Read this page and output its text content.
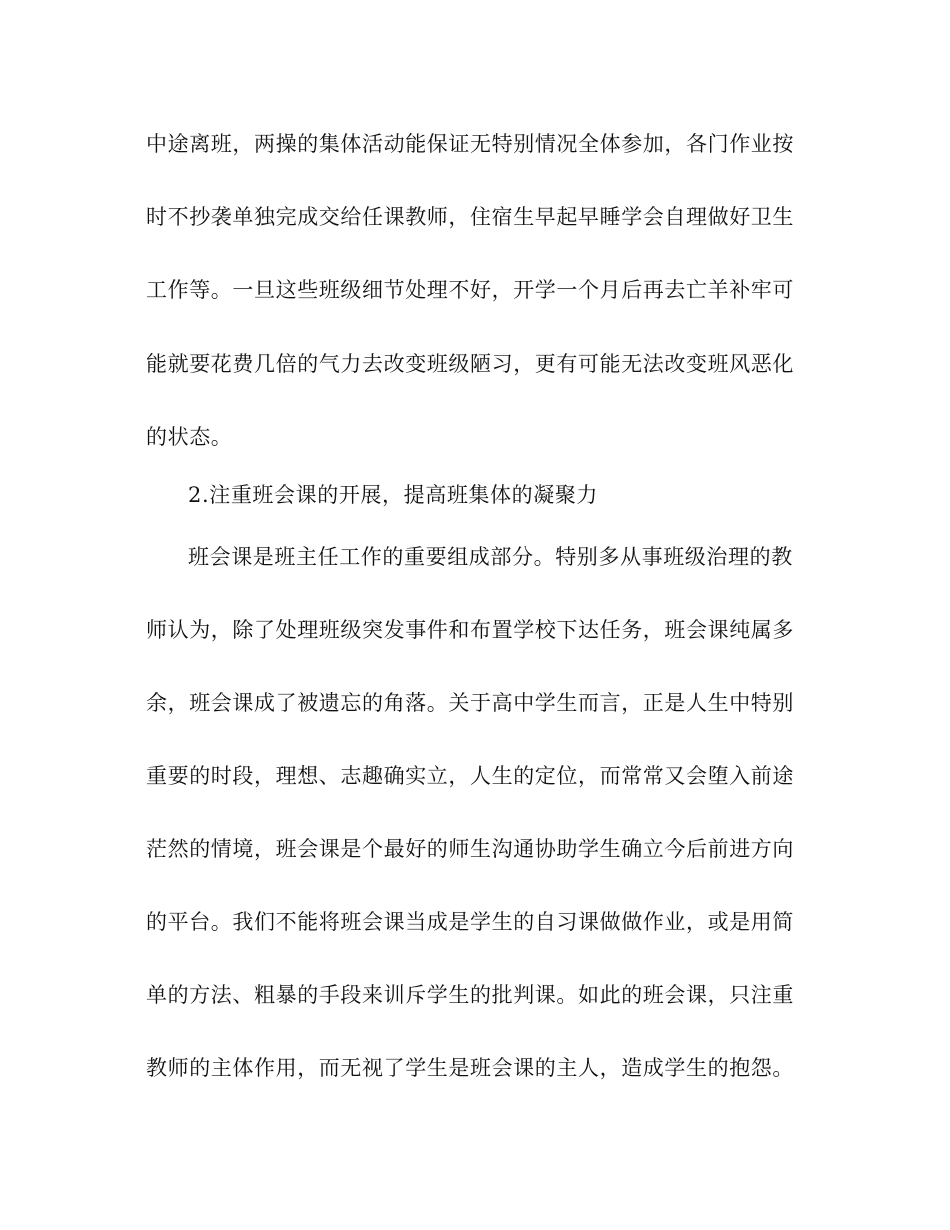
中途离班，两操的集体活动能保证无特别情况全体参加，各门作业按
时不抄袭单独完成交给任课教师，住宿生早起早睡学会自理做好卫生
工作等。一旦这些班级细节处理不好，开学一个月后再去亡羊补牢可
能就要花费几倍的气力去改变班级陋习，更有可能无法改变班风恶化
的状态。
2.注重班会课的开展，提高班集体的凝聚力
班会课是班主任工作的重要组成部分。特别多从事班级治理的教
师认为，除了处理班级突发事件和布置学校下达任务，班会课纯属多
余，班会课成了被遗忘的角落。关于高中学生而言，正是人生中特别
重要的时段，理想、志趣确实立，人生的定位，而常常又会堕入前途
茫然的情境，班会课是个最好的师生沟通协助学生确立今后前进方向
的平台。我们不能将班会课当成是学生的自习课做做作业，或是用简
单的方法、粗暴的手段来训斥学生的批判课。如此的班会课，只注重
教师的主体作用，而无视了学生是班会课的主人，造成学生的抱怨。
